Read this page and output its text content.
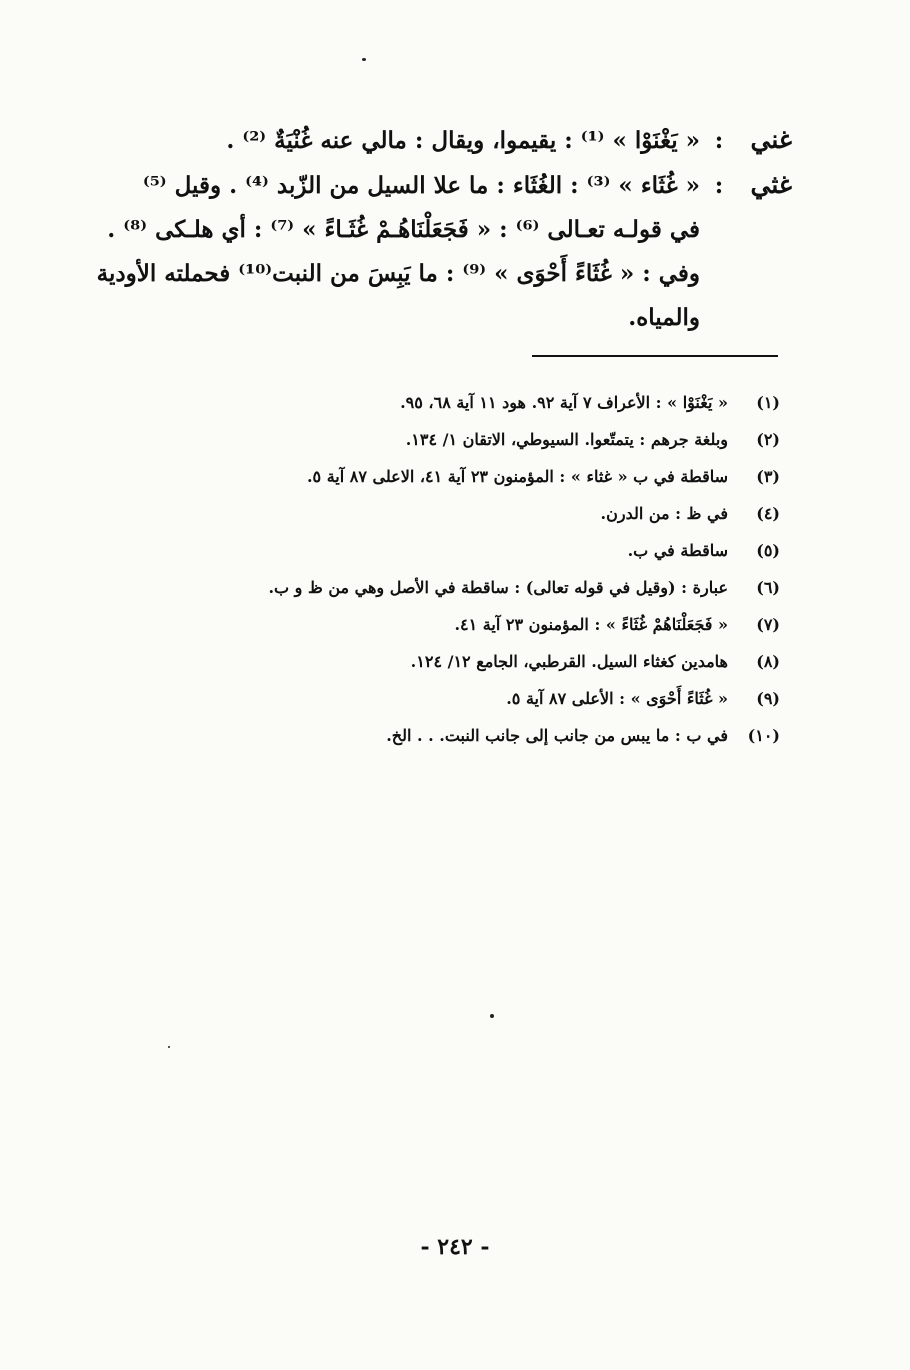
غني
:
« يَغْنَوْا » ⁽¹⁾ : يقيموا، ويقال : مالي عنه غُنْيَةٌ ⁽²⁾ .
غثي
:
« غُثَاء » ⁽³⁾ : الغُثَاء : ما علا السيل من الزّبد ⁽⁴⁾ . وقيل ⁽⁵⁾
في قولـه تعـالى ⁽⁶⁾ : « فَجَعَلْنَاهُـمْ غُثَـاءً » ⁽⁷⁾ : أي هلـكى ⁽⁸⁾ .
وفي : « غُثَاءً أَحْوَى » ⁽⁹⁾ : ما يَبِسَ من النبت⁽¹⁰⁾ فحملته الأودية
والمياه.
(١)
« يَغْنَوْا » : الأعراف ٧ آية ٩٢. هود ١١ آية ٦٨، ٩٥.
(٢)
وبلغة جرهم : يتمتّعوا. السيوطي، الاتقان ١/ ١٣٤.
(٣)
ساقطة في ب « غثاء » : المؤمنون ٢٣ آية ٤١، الاعلى ٨٧ آية ٥.
(٤)
في ظ : من الدرن.
(٥)
ساقطة في ب.
(٦)
عبارة : (وقيل في قوله تعالى) : ساقطة في الأصل وهي من ظ و ب.
(٧)
« فَجَعَلْنَاهُمْ غُثَاءً » : المؤمنون ٢٣ آية ٤١.
(٨)
هامدين كغثاء السيل. القرطبي، الجامع ١٢/ ١٢٤.
(٩)
« غُثَاءً أَحْوَى » : الأعلى ٨٧ آية ٥.
(١٠)
في ب : ما يبس من جانب إلى جانب النبت. . . الخ.
- ٢٤٢ -
